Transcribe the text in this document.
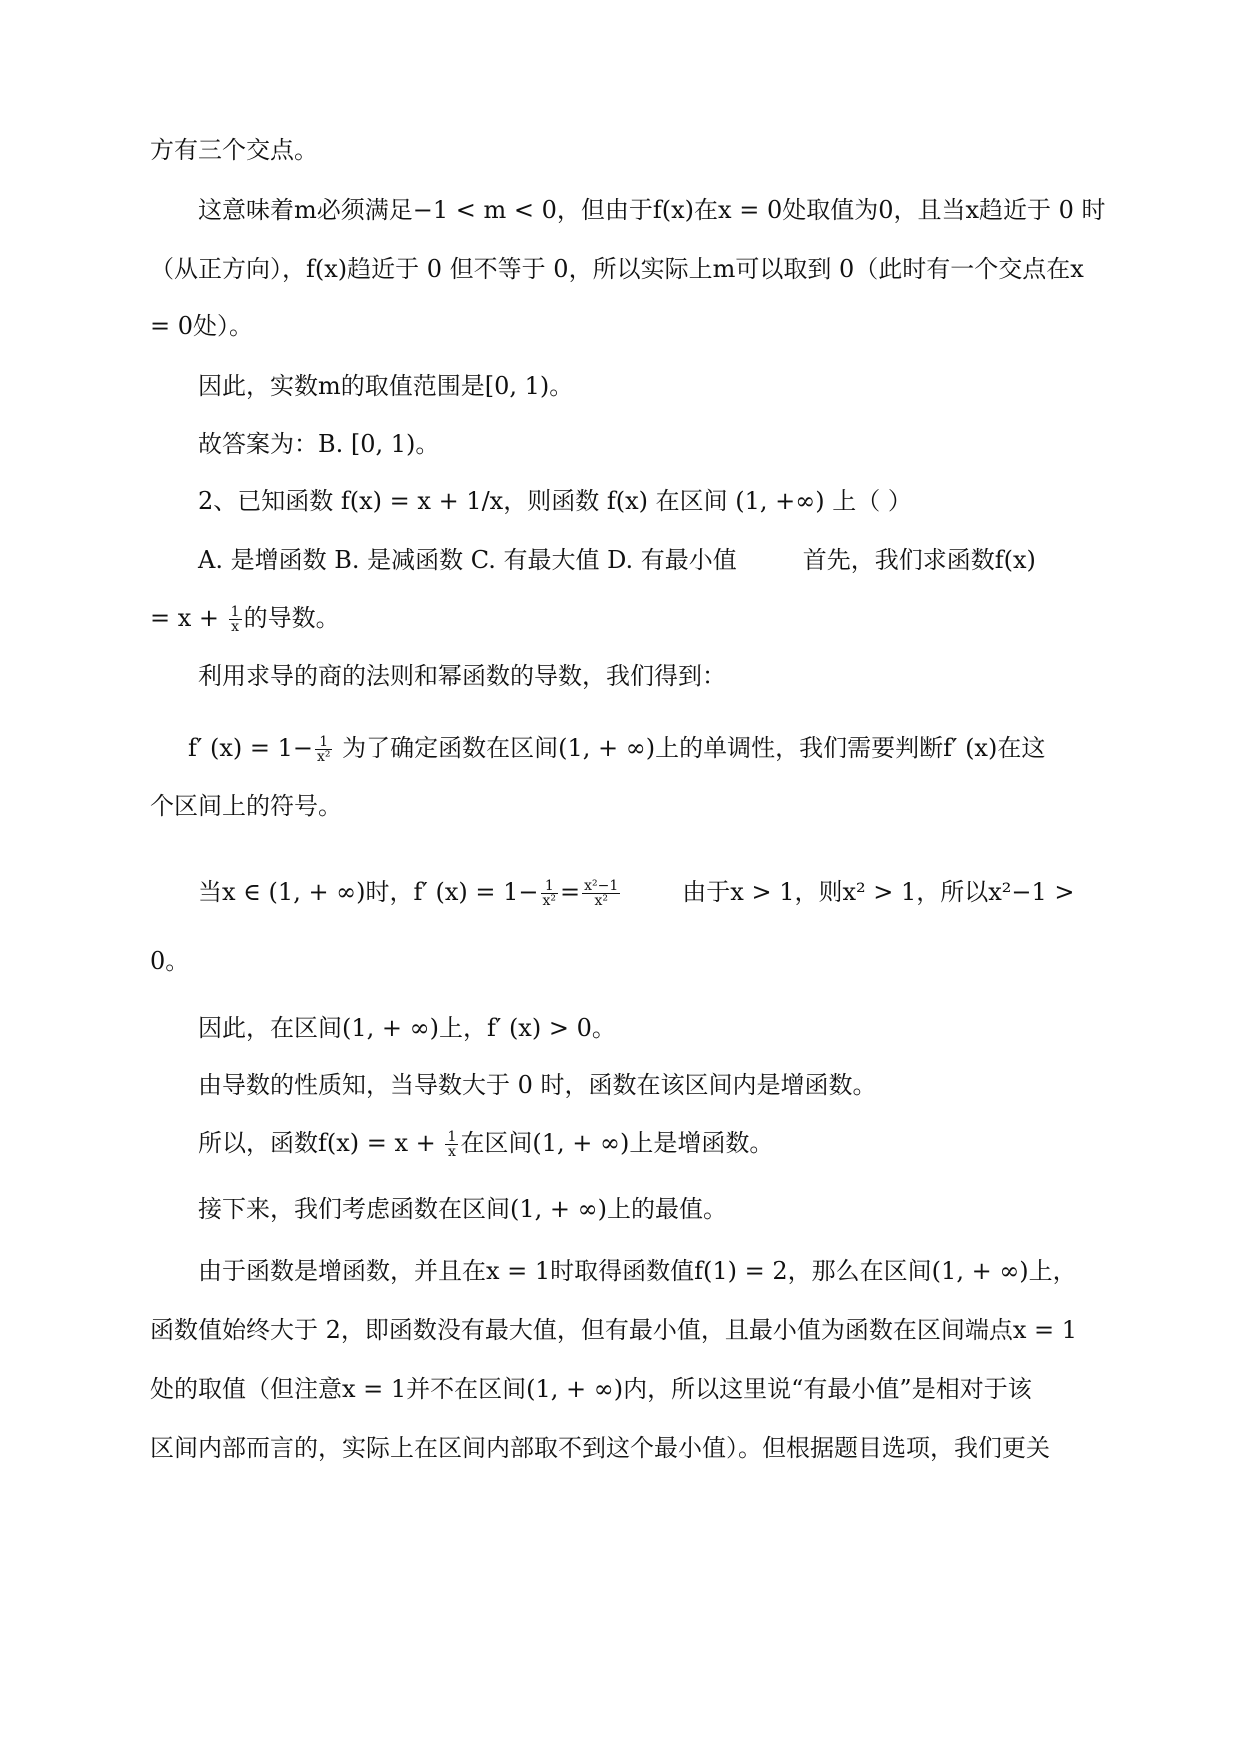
方有三个交点。
这意味着m必须满足−1 < m < 0，但由于f(x)在x = 0处取值为0，且当x趋近于 0 时
（从正方向），f(x)趋近于 0 但不等于 0，所以实际上m可以取到 0（此时有一个交点在x
= 0处）。
因此，实数m的取值范围是[0, 1)。
故答案为：B. [0, 1)。
2、已知函数 f(x) = x + 1/x，则函数 f(x) 在区间 (1, +∞) 上（ ）
A. 是增函数 B. 是减函数 C. 有最大值 D. 有最小值	首先，我们求函数f(x)
= $x + \frac{1}{x}$ 的导数。
利用求导的商的法则和幂函数的导数，我们得到：
f′ $(x) = 1- \frac{1}{\text{x²}}$ 为了确定函数在区间(1, + ∞)上的单调性，我们需要判断f′ (x)在这
个区间上的符号。
当x ∈ (1, + ∞)时，f′ $(x) = 1- \frac{1}{\text{x²}} = \frac{\text{x²−1}}{\text{x²}}$	由于x > 1，则x² > 1，所以x²−1 >
0。
因此，在区间(1, + ∞)上，f′ (x) > 0。
由导数的性质知，当导数大于 0 时，函数在该区间内是增函数。
所以，函数$f(x) = x + \frac{1}{x}$ 在区间(1, + ∞)上是增函数。
接下来，我们考虑函数在区间(1, + ∞)上的最值。
由于函数是增函数，并且在x = 1时取得函数值f(1) = 2，那么在区间(1, + ∞)上，
函数值始终大于 2，即函数没有最大值，但有最小值，且最小值为函数在区间端点x = 1
处的取值（但注意x = 1并不在区间(1, + ∞)内，所以这里说“有最小值”是相对于该
区间内部而言的，实际上在区间内部取不到这个最小值）。但根据题目选项，我们更关
